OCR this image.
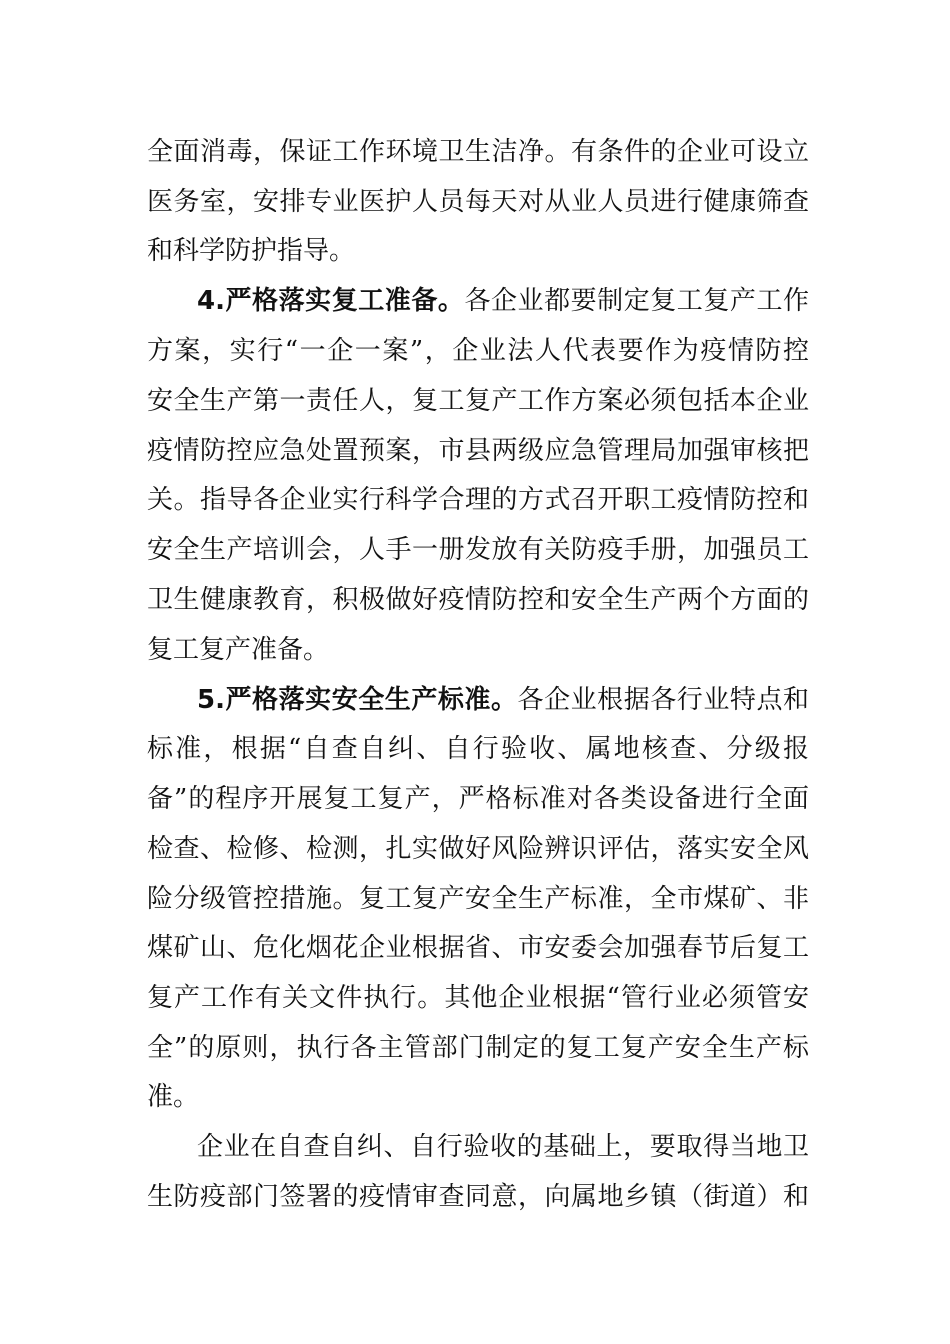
全面消毒，保证工作环境卫生洁净。有条件的企业可设立
医务室，安排专业医护人员每天对从业人员进行健康筛查
和科学防护指导。
4.严格落实复工准备。各企业都要制定复工复产工作
方案，实行“一企一案”，企业法人代表要作为疫情防控
安全生产第一责任人，复工复产工作方案必须包括本企业
疫情防控应急处置预案，市县两级应急管理局加强审核把
关。指导各企业实行科学合理的方式召开职工疫情防控和
安全生产培训会，人手一册发放有关防疫手册，加强员工
卫生健康教育，积极做好疫情防控和安全生产两个方面的
复工复产准备。
5.严格落实安全生产标准。各企业根据各行业特点和
标准，根据“自查自纠、自行验收、属地核查、分级报
备”的程序开展复工复产，严格标准对各类设备进行全面
检查、检修、检测，扎实做好风险辨识评估，落实安全风
险分级管控措施。复工复产安全生产标准，全市煤矿、非
煤矿山、危化烟花企业根据省、市安委会加强春节后复工
复产工作有关文件执行。其他企业根据“管行业必须管安
全”的原则，执行各主管部门制定的复工复产安全生产标
准。
企业在自查自纠、自行验收的基础上，要取得当地卫
生防疫部门签署的疫情审查同意，向属地乡镇（街道）和
